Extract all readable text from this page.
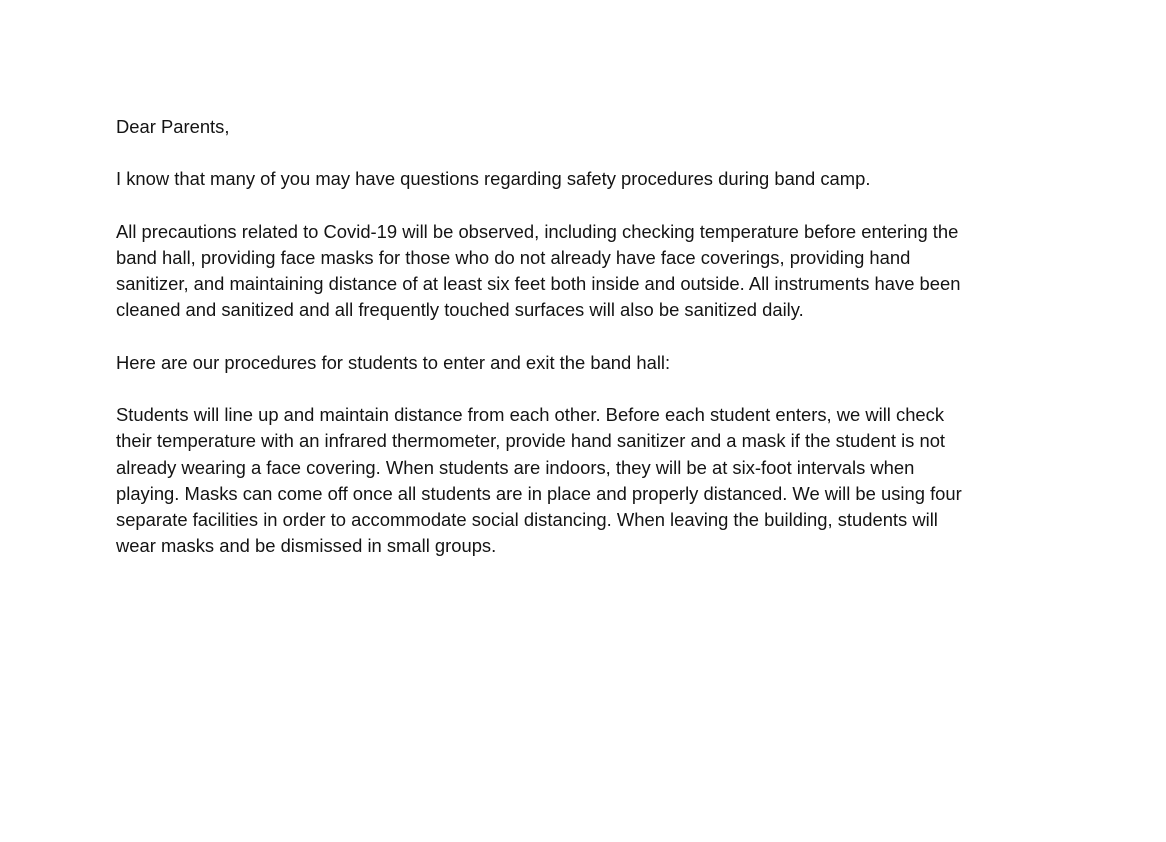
Dear Parents,

I know that many of you may have questions regarding safety procedures during band camp.

All precautions related to Covid-19 will be observed, including checking temperature before entering the
band hall, providing face masks for those who do not already have face coverings, providing hand
sanitizer, and maintaining distance of at least six feet both inside and outside. All instruments have been
cleaned and sanitized and all frequently touched surfaces will also be sanitized daily.

Here are our procedures for students to enter and exit the band hall:

Students will line up and maintain distance from each other. Before each student enters, we will check
their temperature with an infrared thermometer, provide hand sanitizer and a mask if the student is not
already wearing a face covering. When students are indoors, they will be at six-foot intervals when
playing. Masks can come off once all students are in place and properly distanced. We will be using four
separate facilities in order to accommodate social distancing. When leaving the building, students will
wear masks and be dismissed in small groups.
